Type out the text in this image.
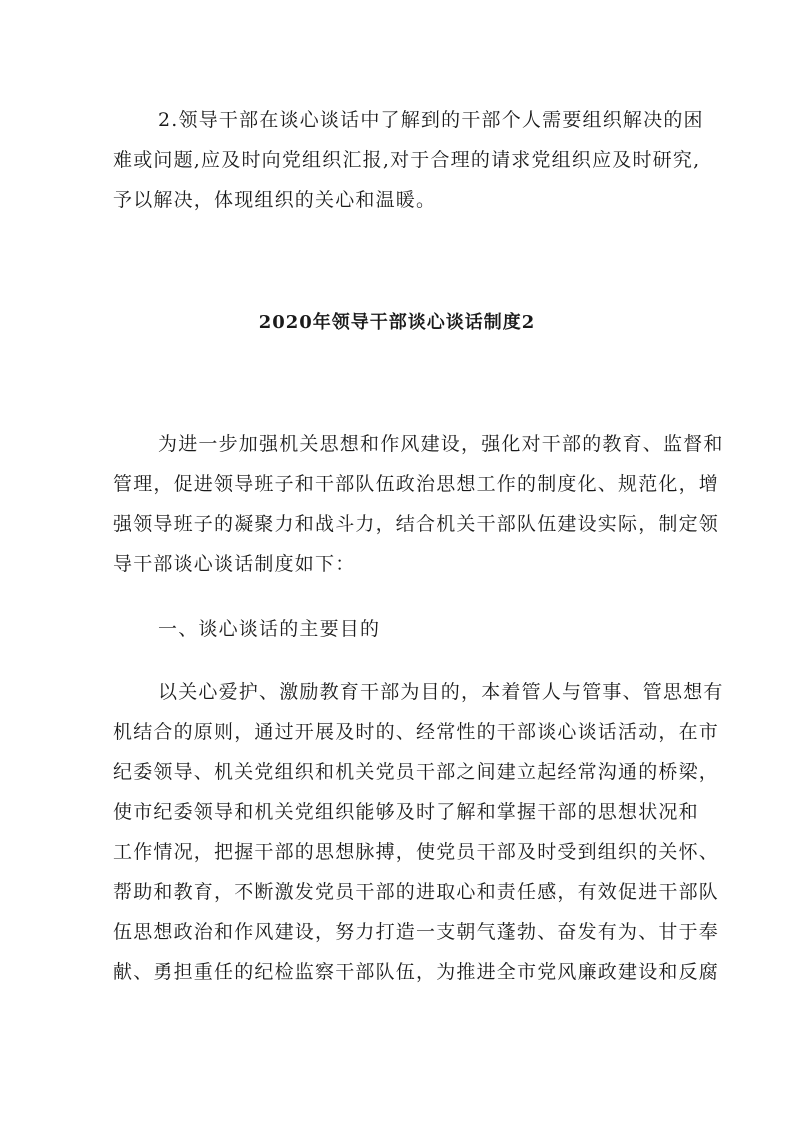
2.领导干部在谈心谈话中了解到的干部个人需要组织解决的困
难或问题,应及时向党组织汇报,对于合理的请求党组织应及时研究,
予以解决，体现组织的关心和温暖。
2020年领导干部谈心谈话制度2
为进一步加强机关思想和作风建设，强化对干部的教育、监督和
管理，促进领导班子和干部队伍政治思想工作的制度化、规范化，增
强领导班子的凝聚力和战斗力，结合机关干部队伍建设实际，制定领
导干部谈心谈话制度如下：
一、谈心谈话的主要目的
以关心爱护、激励教育干部为目的，本着管人与管事、管思想有
机结合的原则，通过开展及时的、经常性的干部谈心谈话活动，在市
纪委领导、机关党组织和机关党员干部之间建立起经常沟通的桥梁，
使市纪委领导和机关党组织能够及时了解和掌握干部的思想状况和
工作情况，把握干部的思想脉搏，使党员干部及时受到组织的关怀、
帮助和教育，不断激发党员干部的进取心和责任感，有效促进干部队
伍思想政治和作风建设，努力打造一支朝气蓬勃、奋发有为、甘于奉
献、勇担重任的纪检监察干部队伍，为推进全市党风廉政建设和反腐
